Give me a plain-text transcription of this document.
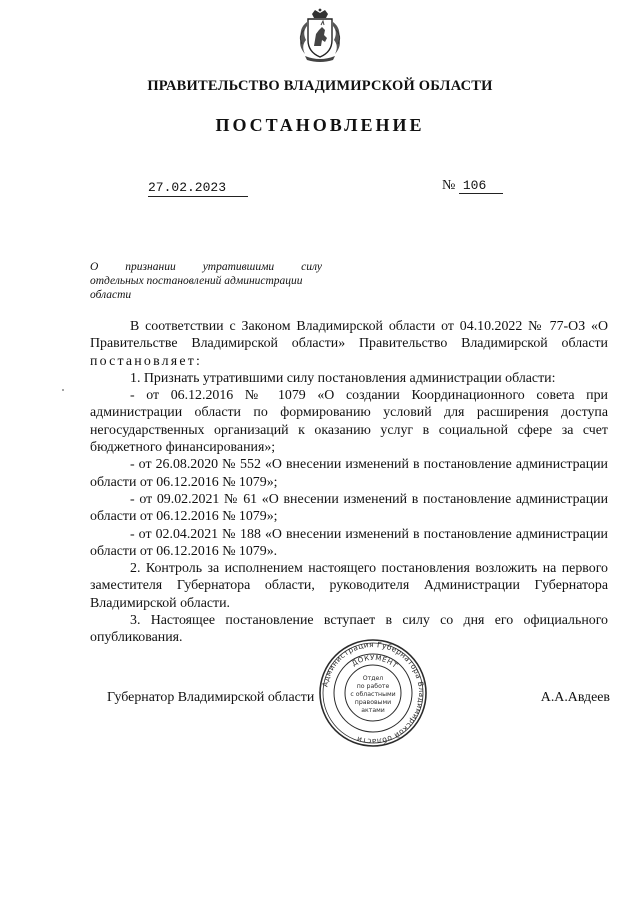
ПРАВИТЕЛЬСТВО ВЛАДИМИРСКОЙ ОБЛАСТИ
ПОСТАНОВЛЕНИЕ
27.02.2023	№ 106
О признании утратившими силу
отдельных постановлений администрации
области

В соответствии с Законом Владимирской области от 04.10.2022 № 77-ОЗ «О Правительстве Владимирской области» Правительство Владимирской области постановляет:

1. Признать утратившими силу постановления администрации области:

- от 06.12.2016 № 1079 «О создании Координационного совета при администрации области по формированию условий для расширения доступа негосударственных организаций к оказанию услуг в социальной сфере за счет бюджетного финансирования»;

- от 26.08.2020 № 552 «О внесении изменений в постановление администрации области от 06.12.2016 № 1079»;

- от 09.02.2021 № 61 «О внесении изменений в постановление администрации области от 06.12.2016 № 1079»;

- от 02.04.2021 № 188 «О внесении изменений в постановление администрации области от 06.12.2016 № 1079».

2. Контроль за исполнением настоящего постановления возложить на первого заместителя Губернатора области, руководителя Администрации Губернатора Владимирской области.

3. Настоящее постановление вступает в силу со дня его официального опубликования.

Губернатор Владимирской области	А.А.Авдеев
Администрация Губернатора Владимирской области
ДОКУМЕНТ
Отдел
по работе
с областными
правовыми
актами
